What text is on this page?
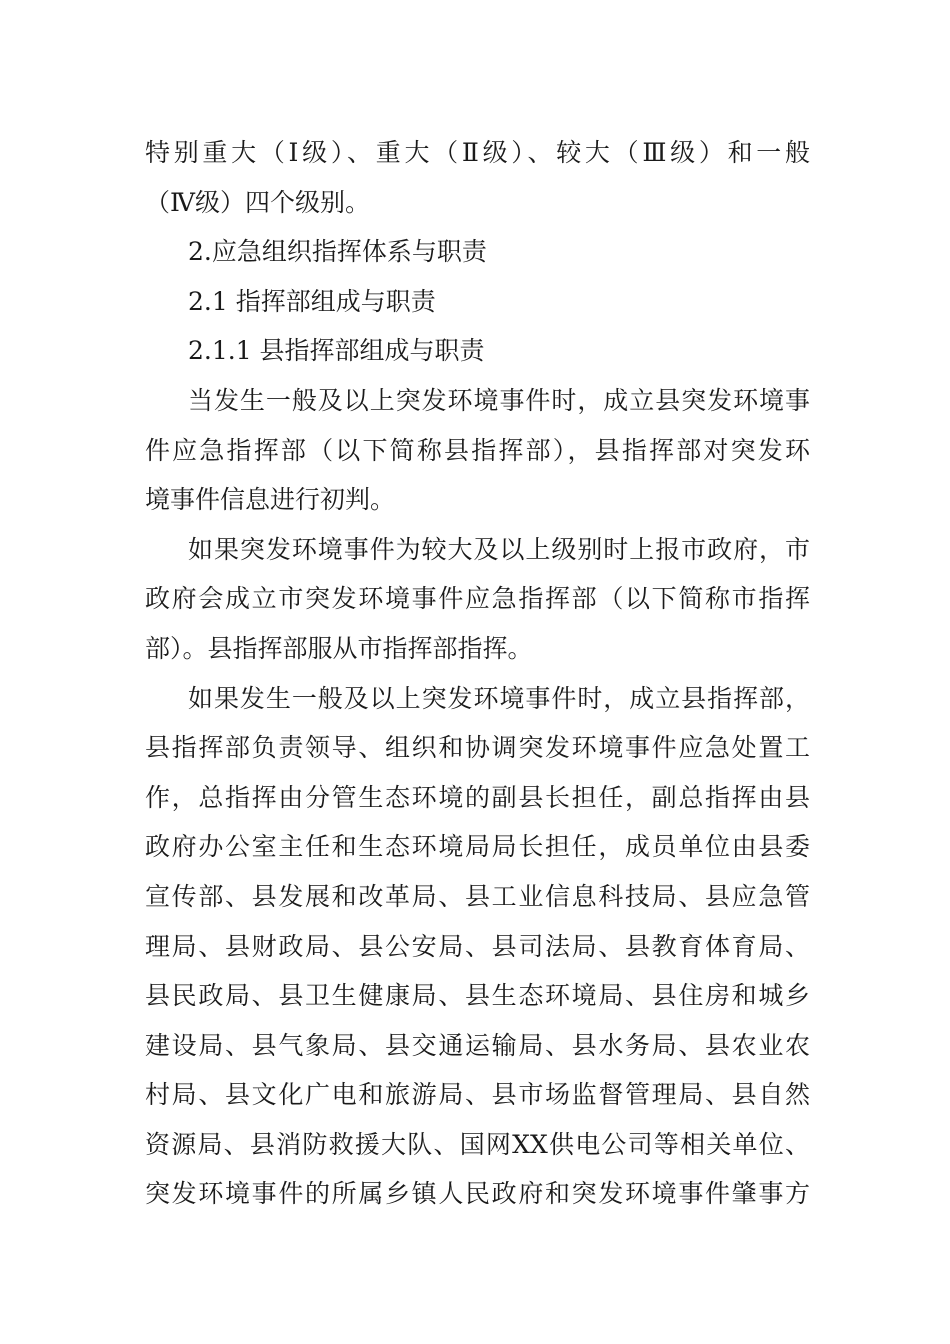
特别重大（Ⅰ级）、重大（Ⅱ级）、较大（Ⅲ级）和一般
（Ⅳ级）四个级别。
2.应急组织指挥体系与职责
2.1 指挥部组成与职责
2.1.1 县指挥部组成与职责
当发生一般及以上突发环境事件时，成立县突发环境事
件应急指挥部（以下简称县指挥部），县指挥部对突发环
境事件信息进行初判。
如果突发环境事件为较大及以上级别时上报市政府，市
政府会成立市突发环境事件应急指挥部（以下简称市指挥
部）。县指挥部服从市指挥部指挥。
如果发生一般及以上突发环境事件时，成立县指挥部，
县指挥部负责领导、组织和协调突发环境事件应急处置工
作，总指挥由分管生态环境的副县长担任，副总指挥由县
政府办公室主任和生态环境局局长担任，成员单位由县委
宣传部、县发展和改革局、县工业信息科技局、县应急管
理局、县财政局、县公安局、县司法局、县教育体育局、
县民政局、县卫生健康局、县生态环境局、县住房和城乡
建设局、县气象局、县交通运输局、县水务局、县农业农
村局、县文化广电和旅游局、县市场监督管理局、县自然
资源局、县消防救援大队、国网XX供电公司等相关单位、
突发环境事件的所属乡镇人民政府和突发环境事件肇事方
